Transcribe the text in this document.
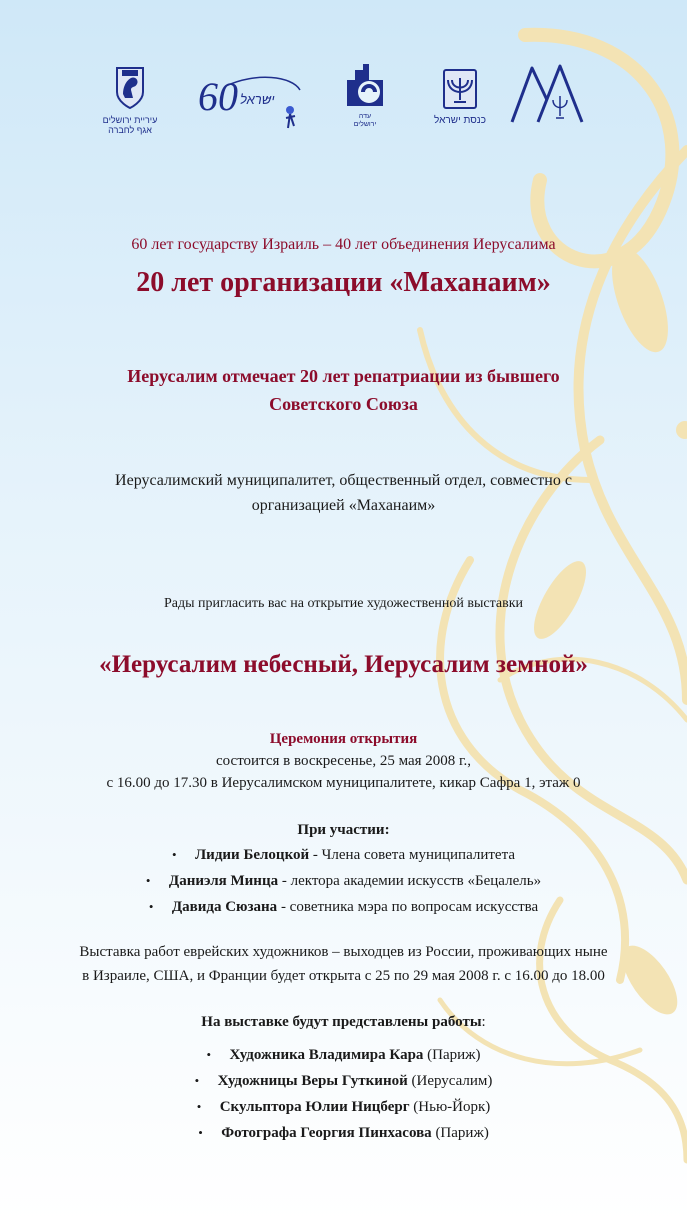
עיריית ירושלים
אגף לחברה
60 ישראל
עדה
ירושלים	כנסת ישראל
60 лет государству Израиль – 40 лет объединения Иерусалима
20 лет организации «Маханаим»
Иерусалим отмечает 20 лет репатриации из бывшего
Советского Союза
Иерусалимский муниципалитет, общественный отдел, совместно с
организацией «Маханаим»
Рады пригласить вас на открытие художественной выставки
«Иерусалим небесный, Иерусалим земной»
Церемония открытия
состоится в воскресенье, 25 мая 2008 г.,
с 16.00 до 17.30 в Иерусалимском муниципалитете, кикар Сафра 1, этаж 0
При участии:
• Лидии Белоцкой - Члена совета муниципалитета
• Даниэля Минца - лектора академии искусств «Бецалель»
• Давида Сюзана - советника мэра по вопросам искусства
Выставка работ еврейских художников – выходцев из России, проживающих ныне
в Израиле, США, и Франции будет открыта с 25 по 29 мая 2008 г. с 16.00 до 18.00
На выставке будут представлены работы:
• Художника Владимира Кара (Париж)
• Художницы Веры Гуткиной (Иерусалим)
• Скульптора Юлии Ницберг (Нью-Йорк)
• Фотографа Георгия Пинхасова (Париж)
